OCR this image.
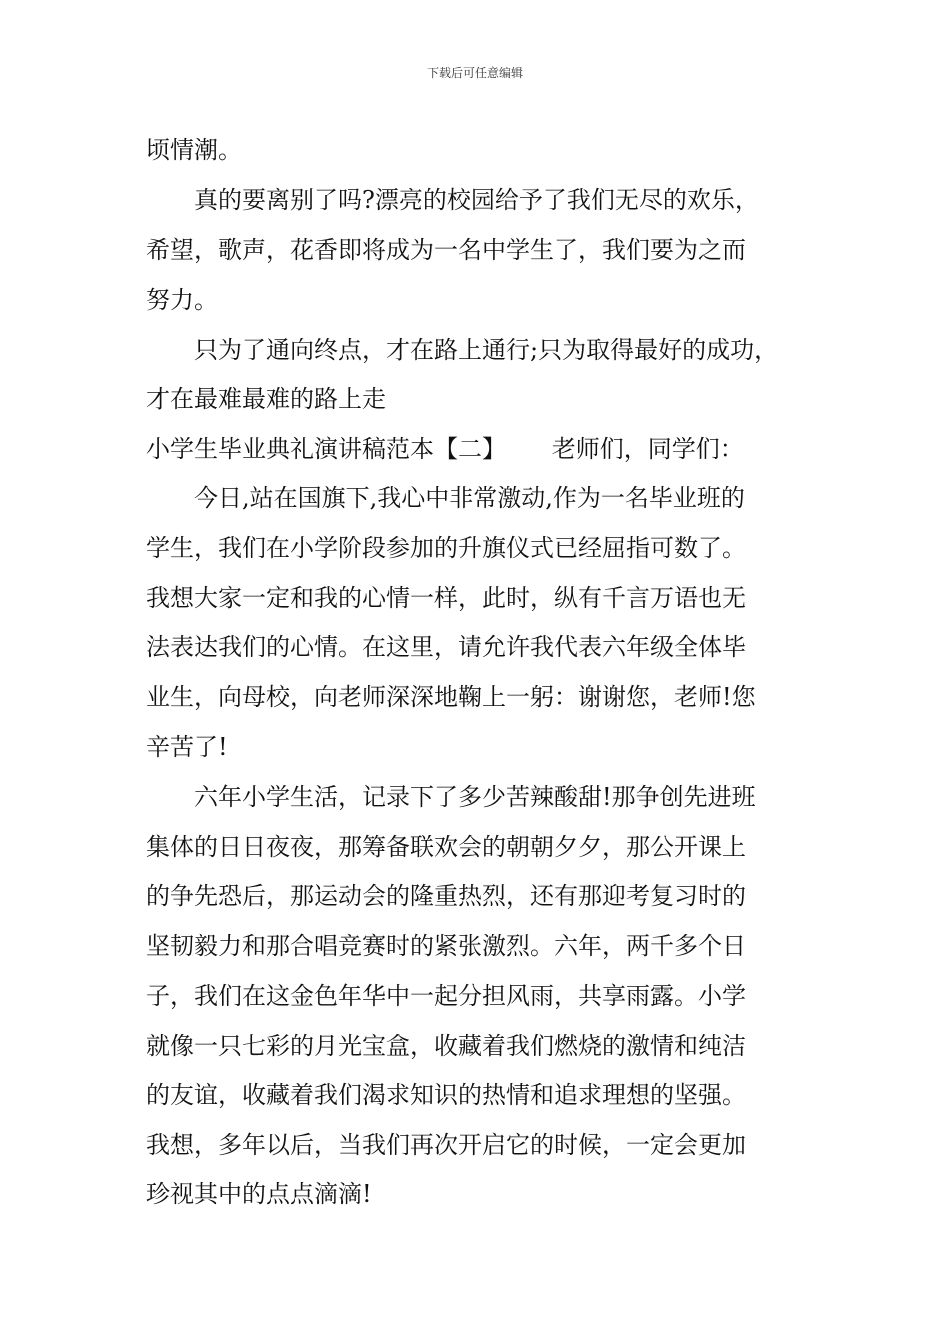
下载后可任意编辑
顷情潮。
真的要离别了吗?漂亮的校园给予了我们无尽的欢乐，
希望，歌声，花香即将成为一名中学生了，我们要为之而
努力。
只为了通向终点，才在路上通行;只为取得最好的成功，
才在最难最难的路上走
小学生毕业典礼演讲稿范本【二】      老师们，同学们：
今日,站在国旗下,我心中非常激动,作为一名毕业班的
学生，我们在小学阶段参加的升旗仪式已经屈指可数了。
我想大家一定和我的心情一样，此时，纵有千言万语也无
法表达我们的心情。在这里，请允许我代表六年级全体毕
业生，向母校，向老师深深地鞠上一躬：谢谢您，老师!您
辛苦了!
六年小学生活，记录下了多少苦辣酸甜!那争创先进班
集体的日日夜夜，那筹备联欢会的朝朝夕夕，那公开课上
的争先恐后，那运动会的隆重热烈，还有那迎考复习时的
坚韧毅力和那合唱竞赛时的紧张激烈。六年，两千多个日
子，我们在这金色年华中一起分担风雨，共享雨露。小学
就像一只七彩的月光宝盒，收藏着我们燃烧的激情和纯洁
的友谊，收藏着我们渴求知识的热情和追求理想的坚强。
我想，多年以后，当我们再次开启它的时候，一定会更加
珍视其中的点点滴滴!
